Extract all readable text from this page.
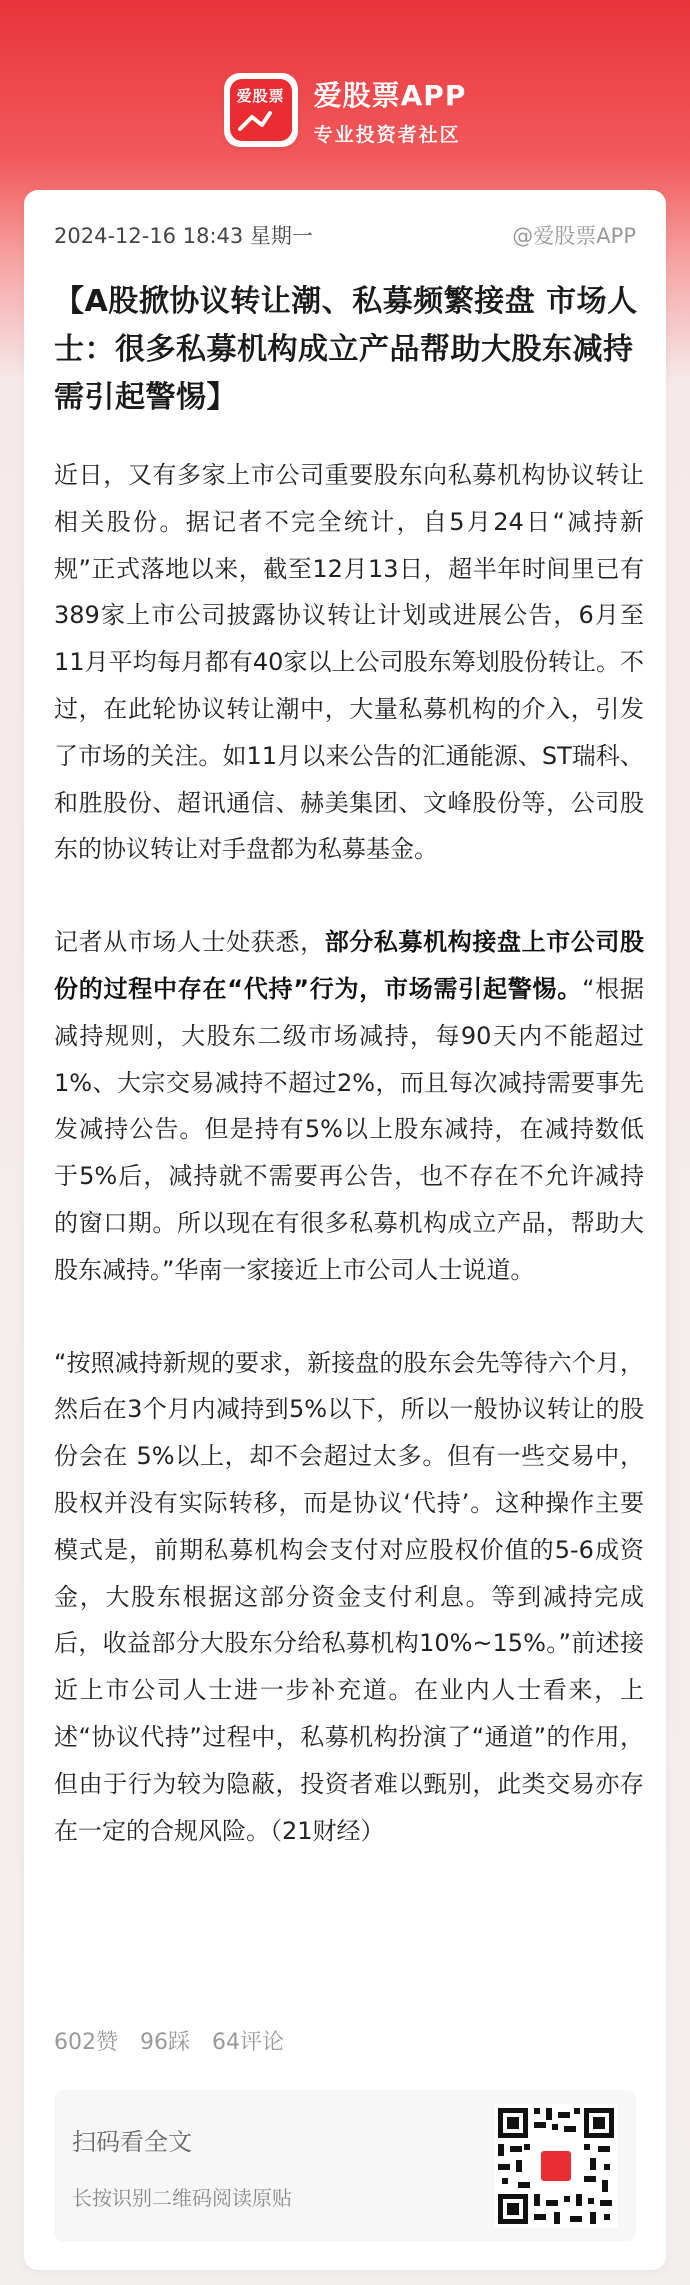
爱股票 爱股票APP
专业投资者社区
2024-12-16 18:43 星期一	@爱股票APP
【A股掀协议转让潮、私募频繁接盘 市场人士：很多私募机构成立产品帮助大股东减持 需引起警惕】

近日，又有多家上市公司重要股东向私募机构协议转让相关股份。据记者不完全统计，自5月24日“减持新规”正式落地以来，截至12月13日，超半年时间里已有389家上市公司披露协议转让计划或进展公告，6月至11月平均每月都有40家以上公司股东筹划股份转让。不过，在此轮协议转让潮中，大量私募机构的介入，引发了市场的关注。如11月以来公告的汇通能源、ST瑞科、和胜股份、超讯通信、赫美集团、文峰股份等，公司股东的协议转让对手盘都为私募基金。

记者从市场人士处获悉，部分私募机构接盘上市公司股份的过程中存在“代持”行为，市场需引起警惕。“根据减持规则，大股东二级市场减持，每90天内不能超过1%、大宗交易减持不超过2%，而且每次减持需要事先发减持公告。但是持有5%以上股东减持，在减持数低于5%后，减持就不需要再公告，也不存在不允许减持的窗口期。所以现在有很多私募机构成立产品，帮助大股东减持。”华南一家接近上市公司人士说道。

“按照减持新规的要求，新接盘的股东会先等待六个月，然后在3个月内减持到5%以下，所以一般协议转让的股份会在 5%以上，却不会超过太多。但有一些交易中，股权并没有实际转移，而是协议‘代持’。这种操作主要模式是，前期私募机构会支付对应股权价值的5-6成资金，大股东根据这部分资金支付利息。等到减持完成后，收益部分大股东分给私募机构10%~15%。”前述接近上市公司人士进一步补充道。在业内人士看来，上述“协议代持”过程中，私募机构扮演了“通道”的作用，但由于行为较为隐蔽，投资者难以甄别，此类交易亦存在一定的合规风险。（21财经）

602赞 96踩 64评论
扫码看全文
长按识别二维码阅读原贴
